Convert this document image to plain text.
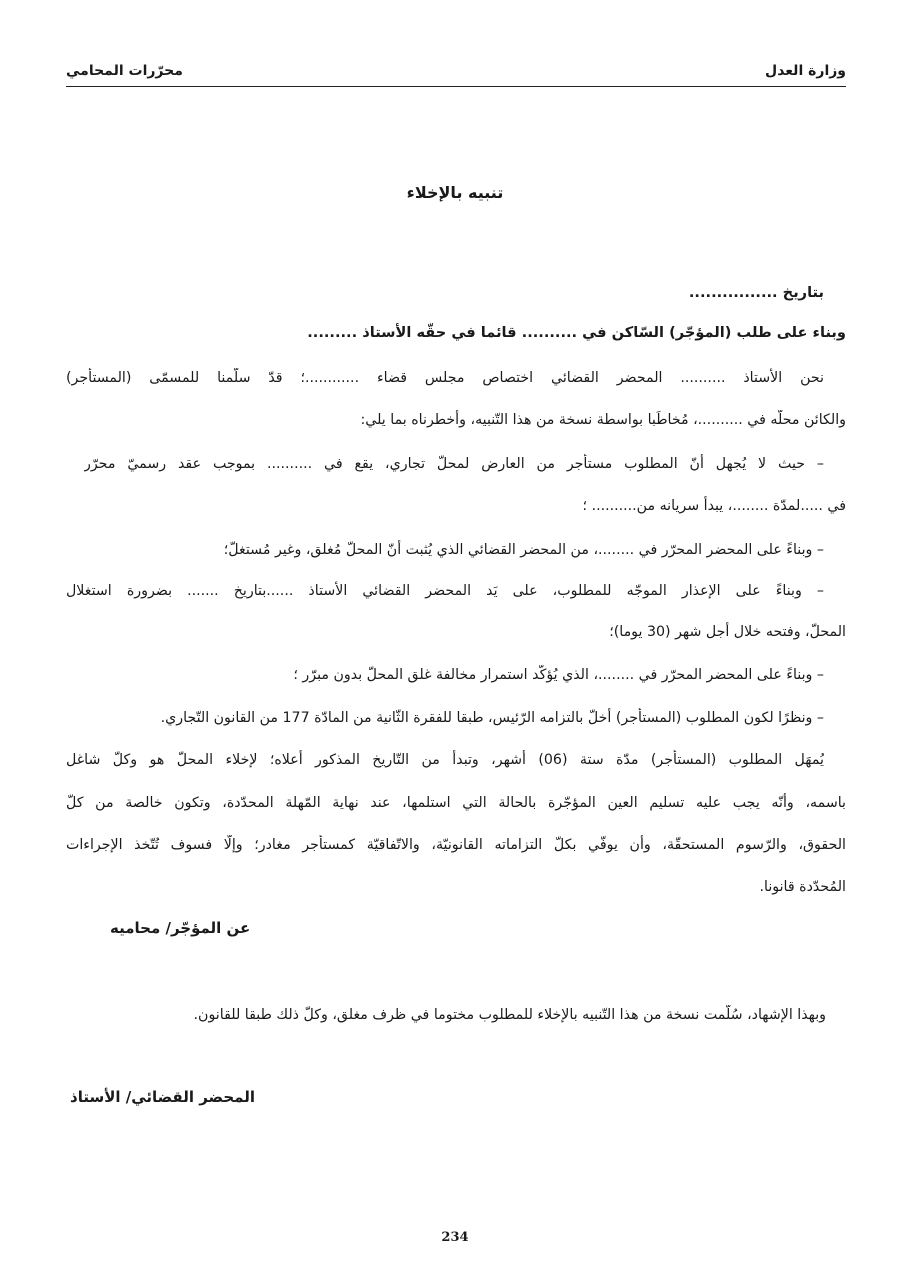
وزارة العدل
محرّرات المحامي
تنبيه بالإخلاء
بتاريخ ................
وبناء على طلب (المؤجّر) السّاكن في .......... قائما في حقّه الأستاذ .........
نحن الأستاذ .......... المحضر القضائي اختصاص مجلس قضاء ............؛ قدّ سلّمنا للمسمّى (المستأجر)
والكائن محلّه في ..........، مُخاطَبا بواسطة نسخة من هذا التّنبيه، وأخطرناه بما يلي:
– حيث لا يُجهل أنّ المطلوب مستأجر من العارض لمحلّ تجاري، يقع في .......... بموجب عقد رسميّ محرّر
في .....لمدّة ........، يبدأ سريانه من.......... ؛
– وبناءً على المحضر المحرّر في ........، من المحضر القضائي الذي يُثبت أنّ المحلّ مُغلق، وغير مُستغلّ؛
– وبناءً على الإعذار الموجّه للمطلوب، على يَد المحضر القضائي الأستاذ ......بتاريخ ....... بضرورة استغلال
المحلّ، وفتحه خلال أجل شهر (30 يوما)؛
– وبناءً على المحضر المحرّر في ........، الذي يُؤكّد استمرار مخالفة غلق المحلّ بدون مبرّر ؛
– ونظرًا لكون المطلوب (المستأجر) أخلّ بالتزامه الرّئيس، طبقا للفقرة الثّانية من المادّة 177 من القانون التّجاري.
يُمهَل المطلوب (المستأجر) مدّة ستة (06) أشهر، وتبدأ من التّاريخ المذكور أعلاه؛ لإخلاء المحلّ هو وكلّ شاغل
باسمه، وأنّه يجب عليه تسليم العين المؤجّرة بالحالة التي استلمها، عند نهاية المّهلة المحدّدة، وتكون خالصة من كلّ
الحقوق، والرّسوم المستحقّة، وأن يوفّي بكلّ التزاماته القانونيّة، والاتّفاقيّة كمستأجر مغادر؛ وإلّا فسوف تُتّخذ الإجراءات
المُحدّدة قانونا.
عن المؤجّر/ محاميه
وبهذا الإشهاد، سُلّمت نسخة من هذا التّنبيه بالإخلاء للمطلوب مختوما في ظرف مغلق، وكلّ ذلك طبقا للقانون.
المحضر القضائي/ الأستاذ
234
